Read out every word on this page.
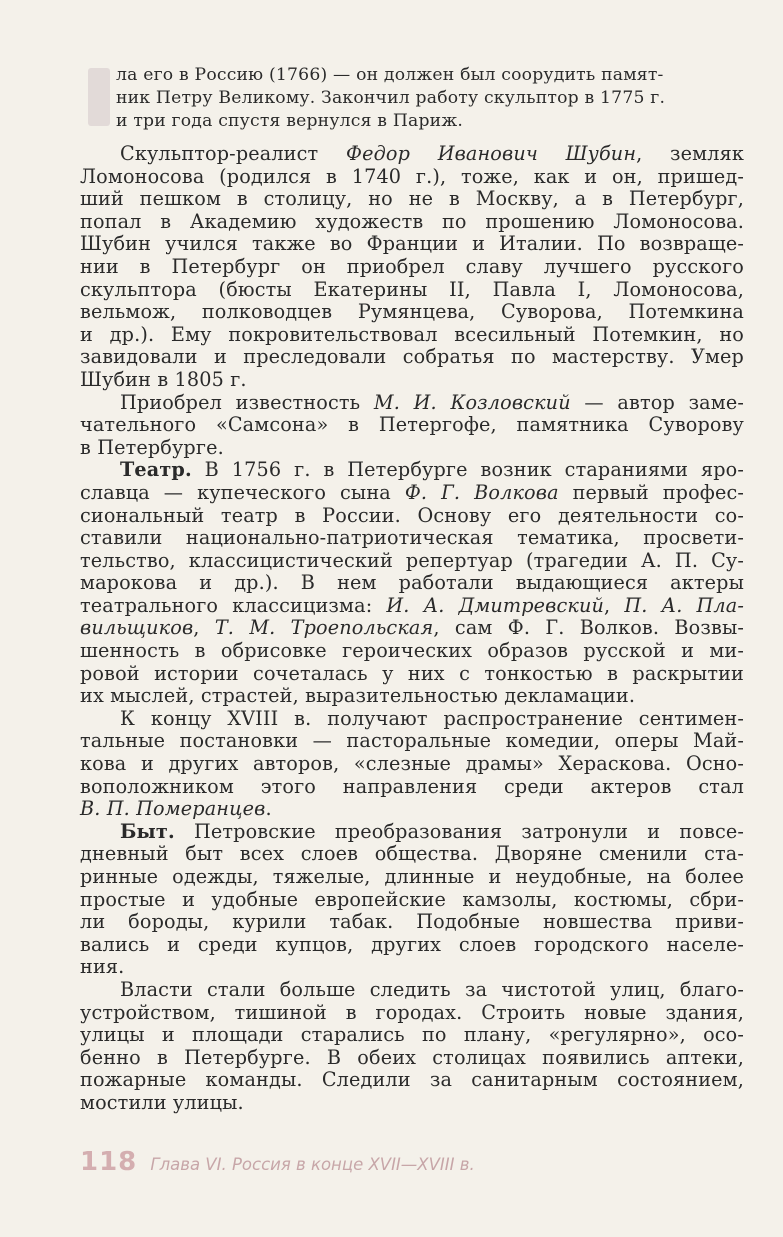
ла его в Россию (1766) — он должен был соорудить памят-
ник Петру Великому. Закончил работу скульптор в 1775 г.
и три года спустя вернулся в Париж.
Скульптор-реалист Федор Иванович Шубин, земляк
Ломоносова (родился в 1740 г.), тоже, как и он, пришед-
ший пешком в столицу, но не в Москву, а в Петербург,
попал в Академию художеств по прошению Ломоносова.
Шубин учился также во Франции и Италии. По возвраще-
нии в Петербург он приобрел славу лучшего русского
скульптора (бюсты Екатерины II, Павла I, Ломоносова,
вельмож, полководцев Румянцева, Суворова, Потемкина
и др.). Ему покровительствовал всесильный Потемкин, но
завидовали и преследовали собратья по мастерству. Умер
Шубин в 1805 г.
Приобрел известность М. И. Козловский — автор заме-
чательного «Самсона» в Петергофе, памятника Суворову
в Петербурге.
Театр. В 1756 г. в Петербурге возник стараниями яро-
славца — купеческого сына Ф. Г. Волкова первый профес-
сиональный театр в России. Основу его деятельности со-
ставили национально-патриотическая тематика, просвети-
тельство, классицистический репертуар (трагедии А. П. Су-
марокова и др.). В нем работали выдающиеся актеры
театрального классицизма: И. А. Дмитревский, П. А. Пла-
вильщиков, Т. М. Троепольская, сам Ф. Г. Волков. Возвы-
шенность в обрисовке героических образов русской и ми-
ровой истории сочеталась у них с тонкостью в раскрытии
их мыслей, страстей, выразительностью декламации.
К концу XVIII в. получают распространение сентимен-
тальные постановки — пасторальные комедии, оперы Май-
кова и других авторов, «слезные драмы» Хераскова. Осно-
воположником этого направления среди актеров стал
В. П. Померанцев.
Быт. Петровские преобразования затронули и повсе-
дневный быт всех слоев общества. Дворяне сменили ста-
ринные одежды, тяжелые, длинные и неудобные, на более
простые и удобные европейские камзолы, костюмы, сбри-
ли бороды, курили табак. Подобные новшества приви-
вались и среди купцов, других слоев городского населе-
ния.
Власти стали больше следить за чистотой улиц, благо-
устройством, тишиной в городах. Строить новые здания,
улицы и площади старались по плану, «регулярно», осо-
бенно в Петербурге. В обеих столицах появились аптеки,
пожарные команды. Следили за санитарным состоянием,
мостили улицы.
118 Глава VI. Россия в конце XVII—XVIII в.
